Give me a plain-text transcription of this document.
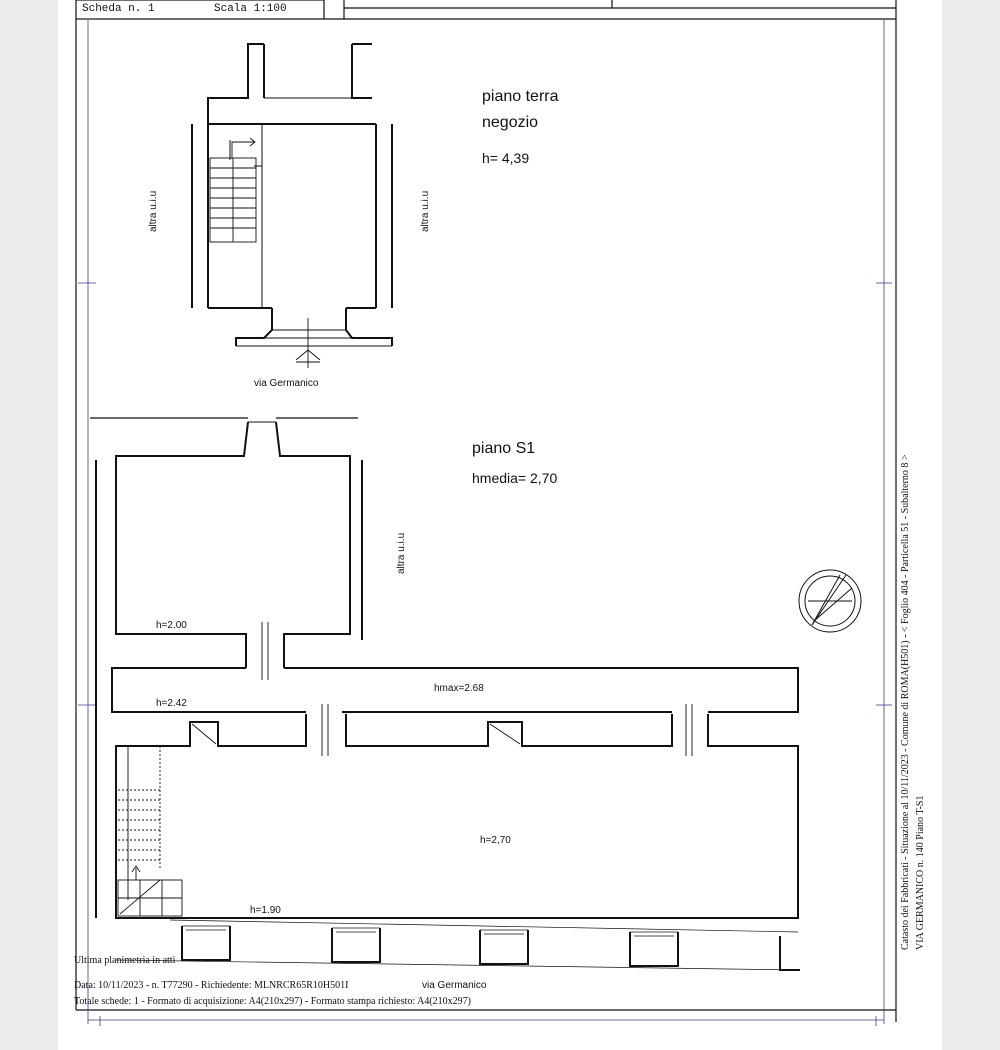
Scheda n. 1	Scala 1:100
piano terra
negozio
h= 4,39
altra u.i.u	altra u.i.u
via Germanico
piano S1
hmedia= 2,70
altra u.i.u
h=2.00
h=2.42
hmax=2.68
h=2,70
h=1.90
via Germanico
Ultima planimetria in atti
Data: 10/11/2023 - n. T77290 - Richiedente: MLNRCR65R10H501I
Totale schede: 1 - Formato di acquisizione: A4(210x297) - Formato stampa richiesto: A4(210x297)
Catasto dei Fabbricati - Situazione al 10/11/2023 - Comune di ROMA(H501) - < Foglio 404 - Particella 51 - Subalterno 8 > VIA GERMANICO n. 140 Piano T-S1
